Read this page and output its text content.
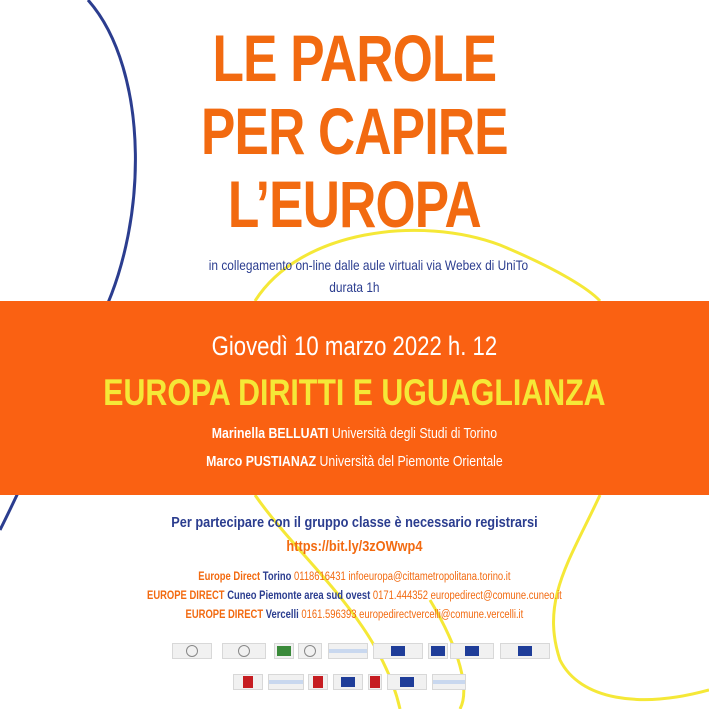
LE PAROLE
PER CAPIRE
L’EUROPA
in collegamento on-line dalle aule virtuali via Webex di UniTo
durata 1h
Giovedì 10 marzo 2022 h. 12
EUROPA DIRITTI E UGUAGLIANZA
Marinella BELLUATI Università degli Studi di Torino
Marco PUSTIANAZ Università del Piemonte Orientale
Per partecipare con il gruppo classe è necessario registrarsi
https://bit.ly/3zOWwp4
Europe Direct Torino 0118616431 infoeuropa@cittametropolitana.torino.it
EUROPE DIRECT Cuneo Piemonte area sud ovest 0171.444352 europedirect@comune.cuneo.it
EUROPE DIRECT Vercelli 0161.596393 europedirectvercelli@comune.vercelli.it
